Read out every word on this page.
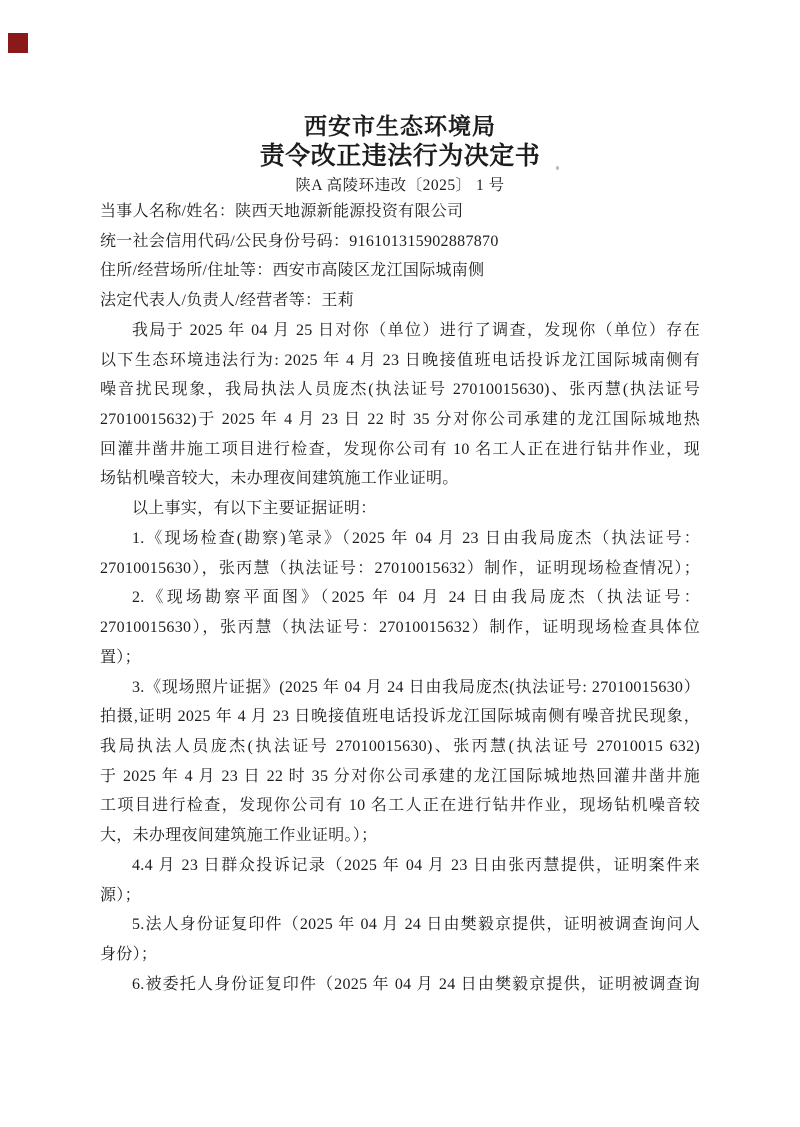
西安市生态环境局
责令改正违法行为决定书
陕A 高陵环违改〔2025〕 1 号
当事人名称/姓名：陕西天地源新能源投资有限公司
统一社会信用代码/公民身份号码：916101315902887870
住所/经营场所/住址等：西安市高陵区龙江国际城南侧
法定代表人/负责人/经营者等：王莉
我局于 2025 年 04 月 25 日对你（单位）进行了调查，发现你（单位）存在
以下生态环境违法行为: 2025 年 4 月 23 日晚接值班电话投诉龙江国际城南侧有
噪音扰民现象，我局执法人员庞杰(执法证号 27010015630)、张丙慧(执法证号
27010015632)于 2025 年 4 月 23 日 22 时 35 分对你公司承建的龙江国际城地热
回灌井凿井施工项目进行检查，发现你公司有 10 名工人正在进行钻井作业，现
场钻机噪音较大，未办理夜间建筑施工作业证明。
以上事实，有以下主要证据证明：
1.《现场检查(勘察)笔录》（2025 年 04 月 23 日由我局庞杰（执法证号：
27010015630），张丙慧（执法证号：27010015632）制作，证明现场检查情况）；
2.《现场勘察平面图》（2025 年 04 月 24 日由我局庞杰（执法证号：
27010015630），张丙慧（执法证号：27010015632）制作，证明现场检查具体位
置）；
3.《现场照片证据》(2025 年 04 月 24 日由我局庞杰(执法证号: 27010015630）
拍摄,证明 2025 年 4 月 23 日晚接值班电话投诉龙江国际城南侧有噪音扰民现象，
我局执法人员庞杰(执法证号 27010015630)、张丙慧(执法证号 27010015 632)
于 2025 年 4 月 23 日 22 时 35 分对你公司承建的龙江国际城地热回灌井凿井施
工项目进行检查，发现你公司有 10 名工人正在进行钻井作业，现场钻机噪音较
大，未办理夜间建筑施工作业证明。）；
4.4 月 23 日群众投诉记录（2025 年 04 月 23 日由张丙慧提供，证明案件来
源）；
5.法人身份证复印件（2025 年 04 月 24 日由樊毅京提供，证明被调查询问人
身份）；
6.被委托人身份证复印件（2025 年 04 月 24 日由樊毅京提供，证明被调查询
